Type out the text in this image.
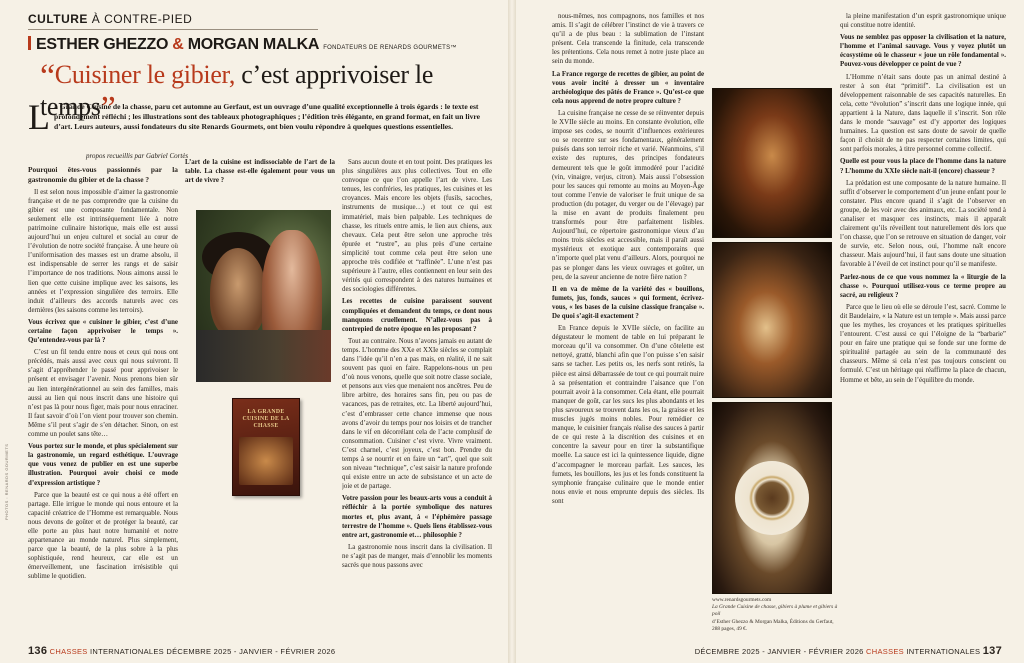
CULTURE À CONTRE-PIED
ESTHER GHEZZO & MORGAN MALKA FONDATEURS DE RENARDS GOURMETS™
“Cuisiner le gibier, c’est apprivoiser le temps”
La Grande Cuisine de la chasse, paru cet automne au Gerfaut, est un ouvrage d’une qualité exceptionnelle à trois égards : le texte est profondément réfléchi ; les illustrations sont des tableaux photographiques ; l’édition très élégante, en grand format, en fait un livre d’art. Leurs auteurs, aussi fondateurs du site Renards Gourmets, ont bien voulu répondre à quelques questions essentielles.
propos recueillis par Gabriel Cortès

Pourquoi êtes-vous passionnés par la gastronomie du gibier et de la chasse ?

Il est selon nous impossible d’aimer la gastronomie française et de ne pas comprendre que la cuisine du gibier est une composante fondamentale. Non seulement elle est intrinsèquement liée à notre patrimoine culinaire historique, mais elle est aussi aujourd’hui un enjeu culturel et social au cœur de l’évolution de notre société française. À une heure où l’uniformisation des masses est un drame absolu, il est indispensable de serrer les rangs et de saisir l’importance de nos traditions. Nous aimons aussi le lien que cette cuisine implique avec les saisons, les années et l’expression singulière des terroirs. Elle induit d’ailleurs des accords naturels avec ces dernières (les saisons comme les terroirs).

Vous écrivez que « cuisiner le gibier, c’est d’une certaine façon apprivoiser le temps ». Qu’entendez-vous par là ?

C’est un fil tendu entre nous et ceux qui nous ont précédés, mais aussi avec ceux qui nous suivront. Il s’agit d’appréhender le passé pour apprivoiser le présent et envisager l’avenir. Nous prenons bien sûr au lien intergénérationnel au sein des familles, mais aussi au lien qui nous inscrit dans une histoire qui n’est pas là pour nous figer, mais pour nous enraciner. Il faut savoir d’où l’on vient pour trouver son chemin. Même s’il peut s’agir de s’en détacher. Sinon, on est comme un poulet sans tête…

Vous portez sur le monde, et plus spécialement sur la gastronomie, un regard esthétique. L’ouvrage que vous venez de publier en est une superbe illustration. Pourquoi avoir choisi ce mode d’expression artistique ?

Parce que la beauté est ce qui nous a été offert en partage. Elle irrigue le monde qui nous entoure et la capacité créatrice de l’Homme est remarquable. Nous nous devons de goûter et de protéger la beauté, car elle porte au plus haut notre humanité et notre appartenance au monde naturel. Plus simplement, parce que la beauté, de la plus sobre à la plus sophistiquée, rend heureux, car elle est un émerveillement, une fascination irrésistible qui sublime le quotidien.

L’art de la cuisine est indissociable de l’art de la table. La chasse est-elle également pour vous un art de vivre ?

LA GRANDE CUISINE DE LA CHASSE

Sans aucun doute et en tout point. Des pratiques les plus singulières aux plus collectives. Tout en elle convoque ce que l’on appelle l’art de vivre. Les tenues, les confréries, les pratiques, les cuisines et les croyances. Mais encore les objets (fusils, sacoches, instruments de musique…) et tout ce qui est immatériel, mais bien palpable. Les techniques de chasse, les rituels entre amis, le lien aux chiens, aux chevaux. Cela peut être selon une approche très épurée et “rustre”, au plus près d’une certaine simplicité tout comme cela peut être selon une approche très codifiée et “raffinée”. L’une n’est pas supérieure à l’autre, elles contiennent en leur sein des vérités qui correspondent à des natures humaines et des sociologies différentes.

Les recettes de cuisine paraissent souvent compliquées et demandent du temps, ce dont nous manquons cruellement. N’allez-vous pas à contrepied de notre époque en les proposant ?

Tout au contraire. Nous n’avons jamais eu autant de temps. L’homme des XXe et XXIe siècles se complait dans l’idée qu’il n’en a pas mais, en réalité, il ne sait souvent pas quoi en faire. Rappelons-nous un peu d’où nous venons, quelle que soit notre classe sociale, et pensons aux vies que menaient nos ancêtres. Peu de libre arbitre, des horaires sans fin, peu ou pas de vacances, pas de retraites, etc. La liberté aujourd’hui, c’est d’embrasser cette chance immense que nous avons d’avoir du temps pour nos loisirs et de trancher dans le vif en décorrélant cela de l’acte complusif de consommation. Cuisiner c’est vivre. Vivre vraiment. C’est charnel, c’est joyeux, c’est bon. Prendre du temps à se nourrir et en faire un “art”, quel que soit son niveau “technique”, c’est saisir la nature profonde qui existe entre un acte de subsistance et un acte de joie et de partage.

Votre passion pour les beaux-arts vous a conduit à réfléchir à la portée symbolique des natures mortes et, plus avant, à « l’éphémère passage terrestre de l’homme ». Quels liens établissez-vous entre art, gastronomie et… philosophie ?

La gastronomie nous inscrit dans la civilisation. Il ne s’agit pas de manger, mais d’ennoblir les moments sacrés que nous passons avec

136 CHASSES INTERNATIONALES DÉCEMBRE 2025 - JANVIER - FÉVRIER 2026
PHOTOS : RENARDS GOURMETS

nous-mêmes, nos compagnons, nos familles et nos amis. Il s’agit de célébrer l’instinct de vie à travers ce qu’il a de plus beau : la sublimation de l’instant présent. Cela transcende la finitude, cela transcende les prétentions. Cela nous remet à notre juste place au sein du monde.

La France regorge de recettes de gibier, au point de vous avoir incité à dresser un « inventaire archéologique des pâtés de France ». Qu’est-ce que cela nous apprend de notre propre culture ?

La cuisine française ne cesse de se réinventer depuis le XVIIe siècle au moins. En constante évolution, elle impose ses codes, se nourrit d’influences extérieures ou se recentre sur ses fondamentaux, généralement puisés dans son terroir riche et varié. Néanmoins, s’il existe des ruptures, des principes fondateurs demeurent tels que le goût immodéré pour l’acidité (vin, vinaigre, verjus, citron). Mais aussi l’obsession pour les sauces qui remonte au moins au Moyen-Âge tout comme l’envie de valoriser le fruit unique de sa production (du potager, du verger ou de l’élevage) par la mise en avant de produits finalement peu transformés pour être parfaitement lisibles. Aujourd’hui, ce répertoire gastronomique vieux d’au moins trois siècles est accessible, mais il paraît aussi mystérieux et exotique aux contemporains que n’importe quel plat venu d’ailleurs. Alors, pourquoi ne pas se plonger dans les vieux ouvrages et goûter, un peu, de la saveur ancienne de notre fière nation ?

Il en va de même de la variété des « bouillons, fumets, jus, fonds, sauces » qui forment, écrivez-vous, « les bases de la cuisine classique française ». De quoi s’agit-il exactement ?

En France depuis le XVIIe siècle, on facilite au dégustateur le moment de table en lui préparant le morceau qu’il va consommer. On d’une côtelette est nettoyé, gratté, blanchi afin que l’on puisse s’en saisir sans se tacher. Les petits os, les nerfs sont retirés, la pièce est ainsi débarrassée de tout ce qui pourrait nuire à sa présentation et contraindre l’aisance que l’on pourrait avoir à la consommer. Cela étant, elle pourrait manquer de goût, car les sucs les plus abondants et les plus savoureux se trouvent dans les os, la graisse et les muscles jugés moins nobles. Pour remédier ce manque, le cuisinier français réalise des sauces à partir de ce qui reste à la discrétion des cuisines et en concentre la saveur pour en tirer la substantifique moelle. La sauce est ici la quintessence liquide, digne d’accompagner le morceau parfait. Les sauces, les fumets, les bouillons, les jus et les fonds constituent la symphonie française culinaire que le monde entier nous envie et nous emprunte depuis des siècles. Ils sont

www.renardsgourmets.com
La Grande Cuisine de chasse, gibiers à plume et gibiers à poil
d’Esther Ghezzo & Morgan Malka, Éditions du Gerfaut, 288 pages, 49 €.

la pleine manifestation d’un esprit gastronomique unique qui constitue notre identité.

Vous ne semblez pas opposer la civilisation et la nature, l’homme et l’animal sauvage. Vous y voyez plutôt un écosystème où le chasseur « joue un rôle fondamental ». Pouvez-vous développer ce point de vue ?

L’Homme n’était sans doute pas un animal destiné à rester à son état “primitif”. La civilisation est un développement raisonnable de ses capacités naturelles. En cela, cette “évolution” s’inscrit dans une logique innée, qui appartient à la Nature, dans laquelle il s’inscrit. Son rôle dans le monde “sauvage” est d’y apporter des logiques humaines. La question est sans doute de savoir de quelle façon il choisit de ne pas respecter certaines limites, qui sont parfois morales, à titre personnel comme collectif.

Quelle est pour vous la place de l’homme dans la nature ? L’homme du XXIe siècle nait-il (encore) chasseur ?

La prédation est une composante de la nature humaine. Il suffit d’observer le comportement d’un jeune enfant pour le constater. Plus encore quand il s’agit de l’observer en groupe, de les voir avec des animaux, etc. La société tend à canaliser et masquer ces instincts, mais il apparaît clairement qu’ils réveillent tout naturellement dès lors que l’on chasse, que l’on se retrouve en situation de danger, voir de survie, etc. Selon nous, oui, l’homme naît encore chasseur. Mais aujourd’hui, il faut sans doute une situation favorable à l’éveil de cet instinct pour qu’il se manifeste.

Parlez-nous de ce que vous nommez la « liturgie de la chasse ». Pourquoi utilisez-vous ce terme propre au sacré, au religieux ?

Parce que le lieu où elle se déroule l’est, sacré. Comme le dit Baudelaire, « la Nature est un temple ». Mais aussi parce que les mythes, les croyances et les pratiques spirituelles l’entourent. C’est aussi ce qui l’éloigne de la “barbarie” pour en faire une pratique qui se fonde sur une forme de spiritualité partagée au sein de la communauté des chasseurs. Même si cela n’est pas toujours conscient ou formulé. C’est un héritage qui réaffirme la place de chacun, Homme et bête, au sein de l’équilibre du monde.

DÉCEMBRE 2025 - JANVIER - FÉVRIER 2026 CHASSES INTERNATIONALES 137
